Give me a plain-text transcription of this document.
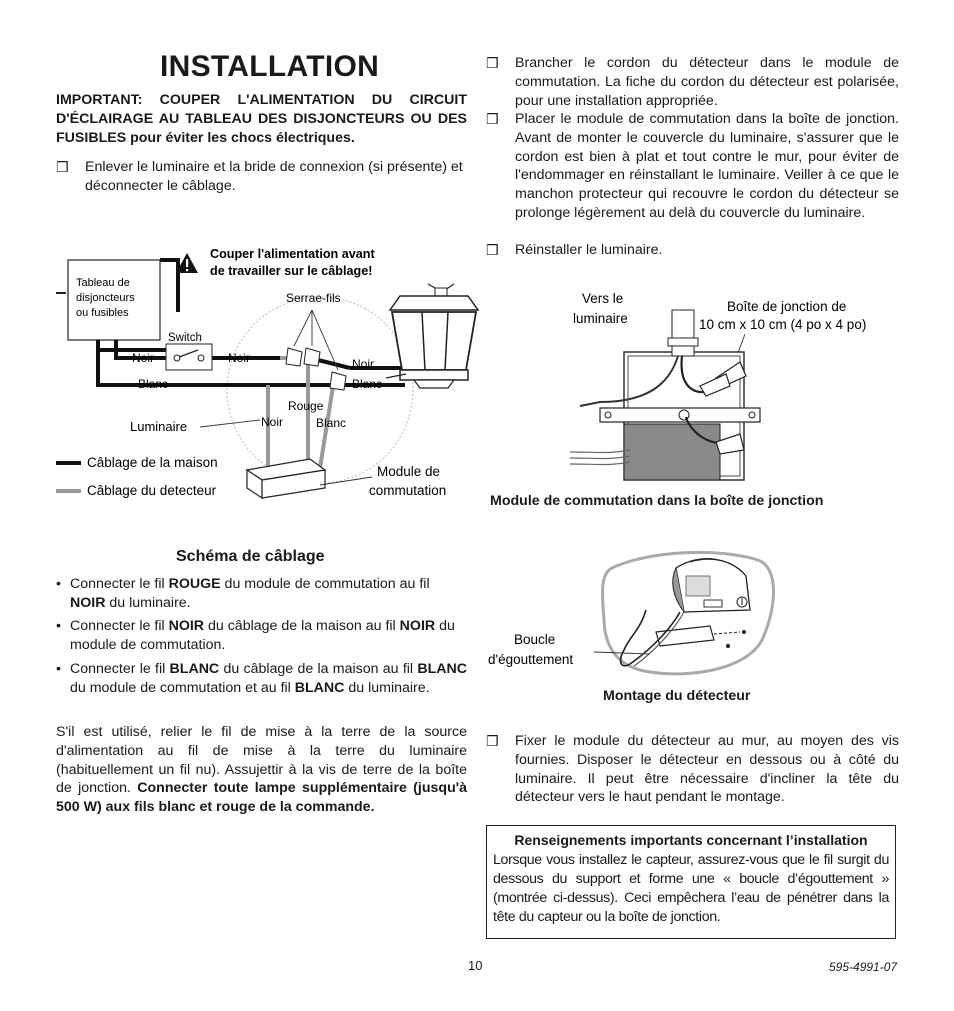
INSTALLATION
IMPORTANT: COUPER L'ALIMENTATION DU CIRCUIT D'ÉCLAIRAGE AU TABLEAU DES DISJONCTEURS OU DES FUSIBLES pour éviter les chocs électriques.
❒ Enlever le luminaire et la bride de connexion (si présente) et déconnecter le câblage.
Tableau de
disjoncteurs
ou fusibles
Switch
Noir	Noir
Blanc
Serrae-fils
Noir
Blanc
Rouge
Noir	Blanc
Couper l'alimentation avant
de travailler sur le câblage!
Luminaire
Module de
commutation
Câblage de la maison
Câblage du detecteur
Schéma de câblage
• Connecter le fil ROUGE du module de commutation au fil NOIR du luminaire.
• Connecter le fil NOIR du câblage de la maison au fil NOIR du module de commutation.
• Connecter le fil BLANC du câblage de la maison au fil BLANC du module de commutation et au fil BLANC du luminaire.
S'il est utilisé, relier le fil de mise à la terre de la source d'alimentation au fil de mise à la terre du luminaire (habituellement un fil nu). Assujettir à la vis de terre de la boîte de jonction. Connecter toute lampe supplémentaire (jusqu'à 500 W) aux fils blanc et rouge de la commande.
❒ Brancher le cordon du détecteur dans le module de commutation. La fiche du cordon du détecteur est polarisée, pour une installation appropriée.
❒ Placer le module de commutation dans la boîte de jonction. Avant de monter le couvercle du luminaire, s'assurer que le cordon est bien à plat et tout contre le mur, pour éviter de l'endommager en réinstallant le luminaire. Veiller à ce que le manchon protecteur qui recouvre le cordon du détecteur se prolonge légèrement au delà du couvercle du luminaire.
❒ Réinstaller le luminaire.
Vers le
luminaire
Boîte de jonction de
10 cm x 10 cm (4 po x 4 po)
Module de commutation dans la boîte de jonction
Boucle
d'égouttement
Montage du détecteur
❒ Fixer le module du détecteur au mur, au moyen des vis fournies. Disposer le détecteur en dessous ou à côté du luminaire. Il peut être nécessaire d'incliner la tête du détecteur vers le haut pendant le montage.
Renseignements importants concernant l’installation
Lorsque vous installez le capteur, assurez-vous que le fil surgit du dessous du support et forme une « boucle d’égouttement » (montrée ci-dessus). Ceci empêchera l’eau de pénétrer dans la tête du capteur ou la boîte de jonction.
10	595-4991-07
